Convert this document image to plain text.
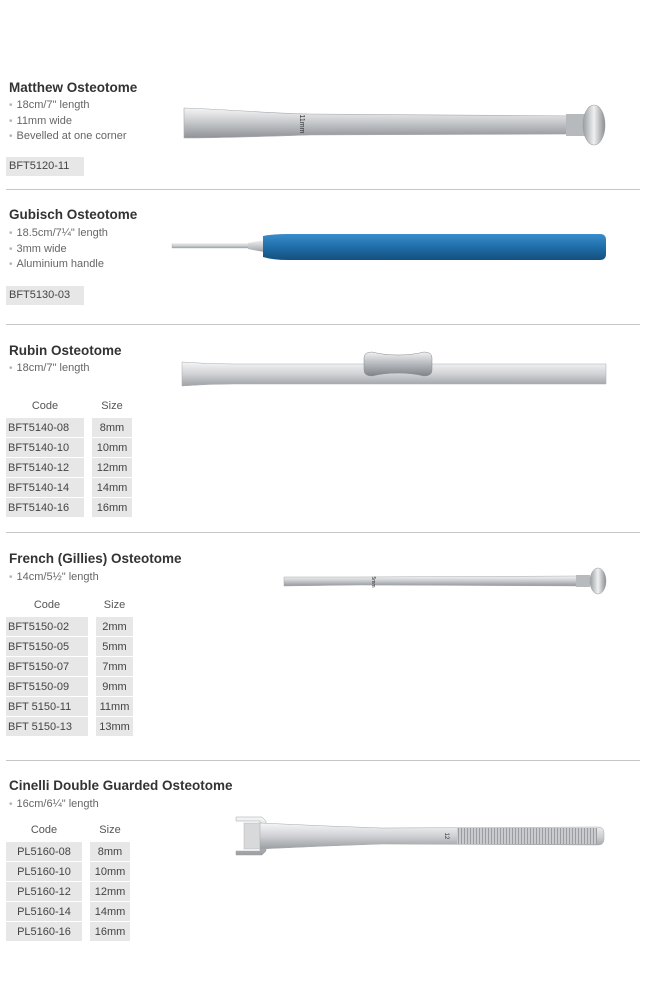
Matthew Osteotome
• 18cm/7" length
• 11mm wide
• Bevelled at one corner
BFT5120-11
11mm
Gubisch Osteotome
• 18.5cm/7¼" length
• 3mm wide
• Aluminium handle
BFT5130-03
Rubin Osteotome
• 18cm/7" length
Code		Size
BFT5140-08		8mm
BFT5140-10		10mm
BFT5140-12		12mm
BFT5140-14		14mm
BFT5140-16		16mm
French (Gillies) Osteotome
• 14cm/5½" length
Code		Size
BFT5150-02		2mm
BFT5150-05		5mm
BFT5150-07		7mm
BFT5150-09		9mm
BFT 5150-11		11mm
BFT 5150-13		13mm
5mm
Cinelli Double Guarded Osteotome
• 16cm/6¼" length
Code		Size
PL5160-08		8mm
PL5160-10		10mm
PL5160-12		12mm
PL5160-14		14mm
PL5160-16		16mm
12
